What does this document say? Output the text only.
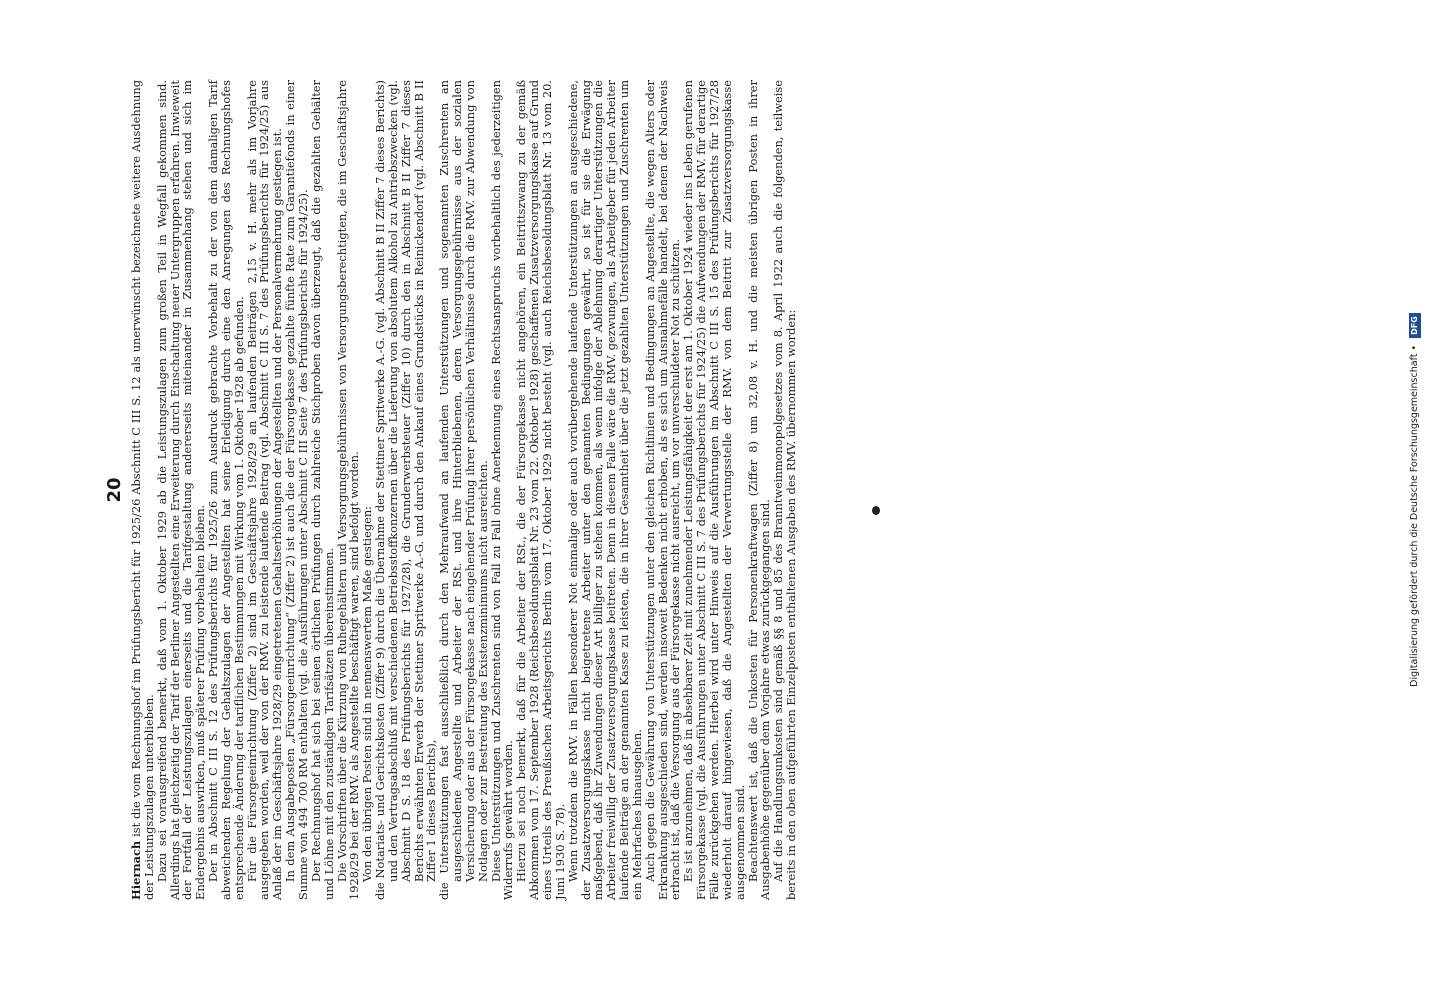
20

Hiernach ist die vom Rechnungshof im Prüfungsbericht für 1925/26 Abschnitt C III S. 12 als unerwünscht bezeichnete weitere Ausdehnung der Leistungszulagen unterblieben.

Dazu sei vorausgreifend bemerkt, daß vom 1. Oktober 1929 ab die Leistungszulagen zum großen Teil in Wegfall gekommen sind. Allerdings hat gleichzeitig der Tarif der Berliner Angestellten eine Erweiterung durch Einschaltung neuer Untergruppen erfahren. Inwieweit der Fortfall der Leistungszulagen einerseits und die Tarifgestaltung andererseits miteinander in Zusammenhang stehen und sich im Endergebnis auswirken, muß späterer Prüfung vorbehalten bleiben.

Der in Abschnitt C III S. 12 des Prüfungsberichts für 1925/26 zum Ausdruck gebrachte Vorbehalt zu der von dem damaligen Tarif abweichenden Regelung der Gehaltszulagen der Angestellten hat seine Erledigung durch eine den Anregungen des Rechnungshofes entsprechende Änderung der tariflichen Bestimmungen mit Wirkung vom 1. Oktober 1928 ab gefunden.

Für die Fürsorgeeinrichtung (Ziffer 2) sind im Geschäftsjahre 1928/29 an laufenden Beiträgen 2,15 v. H. mehr als im Vorjahre ausgegeben worden, weil der von der RMV. zu leistende laufende Beitrag (vgl. Abschnitt C III S. 7 des Prüfungsberichts für 1924/25) aus Anlaß der im Geschäftsjahre 1928/29 eingetretenen Gehaltserhöhungen der Angestellten und der Personalvermehrung gestiegen ist.

In dem Ausgabeposten „Fürsorgeeinrichtung“ (Ziffer 2) ist auch die der Fürsorgekasse gezahlte fünfte Rate zum Garantiefonds in einer Summe von 494 700 RM enthalten (vgl. die Ausführungen unter Abschnitt C III Seite 7 des Prüfungsberichts für 1924/25).

Der Rechnungshof hat sich bei seinen örtlichen Prüfungen durch zahlreiche Stichproben davon überzeugt, daß die gezahlten Gehälter und Löhne mit den zuständigen Tarifsätzen übereinstimmen.

Die Vorschriften über die Kürzung von Ruhegehältern und Versorgungsgebührnissen von Versorgungsberechtigten, die im Geschäftsjahre 1928/29 bei der RMV. als Angestellte beschäftigt waren, sind befolgt worden.

Von den übrigen Posten sind in nennenswertem Maße gestiegen:

die Notariats- und Gerichtskosten (Ziffer 9) durch die Übernahme der Stettiner Spritwerke A.-G. (vgl. Abschnitt B II Ziffer 7 dieses Berichts) und den Vertragsabschluß mit verschiedenen Betriebsstoffkonzernen über die Lieferung von absolutem Alkohol zu Antriebszwecken (vgl. Abschnitt D S. 18 des Prüfungsberichts für 1927/28), die Grunderwerbsteuer (Ziffer 10) durch den in Abschnitt B II Ziffer 7 dieses Berichts erwähnten Erwerb der Stettiner Spritwerke A.-G. und durch den Ankauf eines Grundstücks in Reinickendorf (vgl. Abschnitt B II Ziffer 1 dieses Berichts),

die Unterstützungen fast ausschließlich durch den Mehraufwand an laufenden Unterstützungen und sogenannten Zuschrenten an ausgeschiedene Angestellte und Arbeiter der RSt. und ihre Hinterbliebenen, deren Versorgungsgebührnisse aus der sozialen Versicherung oder aus der Fürsorgekasse nach eingehender Prüfung ihrer persönlichen Verhältnisse durch die RMV. zur Abwendung von Notlagen oder zur Bestreitung des Existenzminimums nicht ausreichten.

Diese Unterstützungen und Zuschrenten sind von Fall zu Fall ohne Anerkennung eines Rechtsanspruchs vorbehaltlich des jederzeitigen Widerrufs gewährt worden.

Hierzu sei noch bemerkt, daß für die Arbeiter der RSt., die der Fürsorgekasse nicht angehören, ein Beitrittszwang zu der gemäß Abkommen vom 17. September 1928 (Reichsbesoldungsblatt Nr. 23 vom 22. Oktober 1928) geschaffenen Zusatzversorgungskasse auf Grund eines Urteils des Preußischen Arbeitsgerichts Berlin vom 17. Oktober 1929 nicht besteht (vgl. auch Reichsbesoldungsblatt Nr. 13 vom 20. Juni 1930 S. 78).

Wenn trotzdem die RMV. in Fällen besonderer Not einmalige oder auch vorübergehende laufende Unterstützungen an ausgeschiedene, der Zusatzversorgungskasse nicht beigetretene Arbeiter unter den genannten Bedingungen gewährt, so ist für sie die Erwägung maßgebend, daß ihr Zuwendungen dieser Art billiger zu stehen kommen, als wenn infolge der Ablehnung derartiger Unterstützungen die Arbeiter freiwillig der Zusatzversorgungskasse beitreten. Denn in diesem Falle wäre die RMV. gezwungen, als Arbeitgeber für jeden Arbeiter laufende Beiträge an der genannten Kasse zu leisten, die in ihrer Gesamtheit über die jetzt gezahlten Unterstützungen und Zuschrenten um ein Mehrfaches hinausgehen.

Auch gegen die Gewährung von Unterstützungen unter den gleichen Richtlinien und Bedingungen an Angestellte, die wegen Alters oder Erkrankung ausgeschieden sind, werden insoweit Bedenken nicht erhoben, als es sich um Ausnahmefälle handelt, bei denen der Nachweis erbracht ist, daß die Versorgung aus der Fürsorgekasse nicht ausreicht, um vor unverschuldeter Not zu schützen.

Es ist anzunehmen, daß in absehbarer Zeit mit zunehmender Leistungsfähigkeit der erst am 1. Oktober 1924 wieder ins Leben gerufenen Fürsorgekasse (vgl. die Ausführungen unter Abschnitt C III S. 7 des Prüfungsberichts für 1924/25) die Aufwendungen der RMV. für derartige Fälle zurückgehen werden. Hierbei wird unter Hinweis auf die Ausführungen im Abschnitt C III S. 15 des Prüfungsberichts für 1927/28 wiederholt darauf hingewiesen, daß die Angestellten der Verwertungsstelle der RMV. von dem Beitritt zur Zusatzversorgungskasse ausgenommen sind.

Beachtenswert ist, daß die Unkosten für Personenkraftwagen (Ziffer 8) um 32,08 v. H. und die meisten übrigen Posten in ihrer Ausgabenhöhe gegenüber dem Vorjahre etwas zurückgegangen sind.

Auf die Handlungsunkosten sind gemäß §§ 8 und 85 des Branntweinmonopolgesetzes vom 8. April 1922 auch die folgenden, teilweise bereits in den oben aufgeführten Einzelposten enthaltenen Ausgaben des RMV. übernommen worden:	Digitalisierung gefördert durch die Deutsche Forschungsgemeinschaft • DFG
